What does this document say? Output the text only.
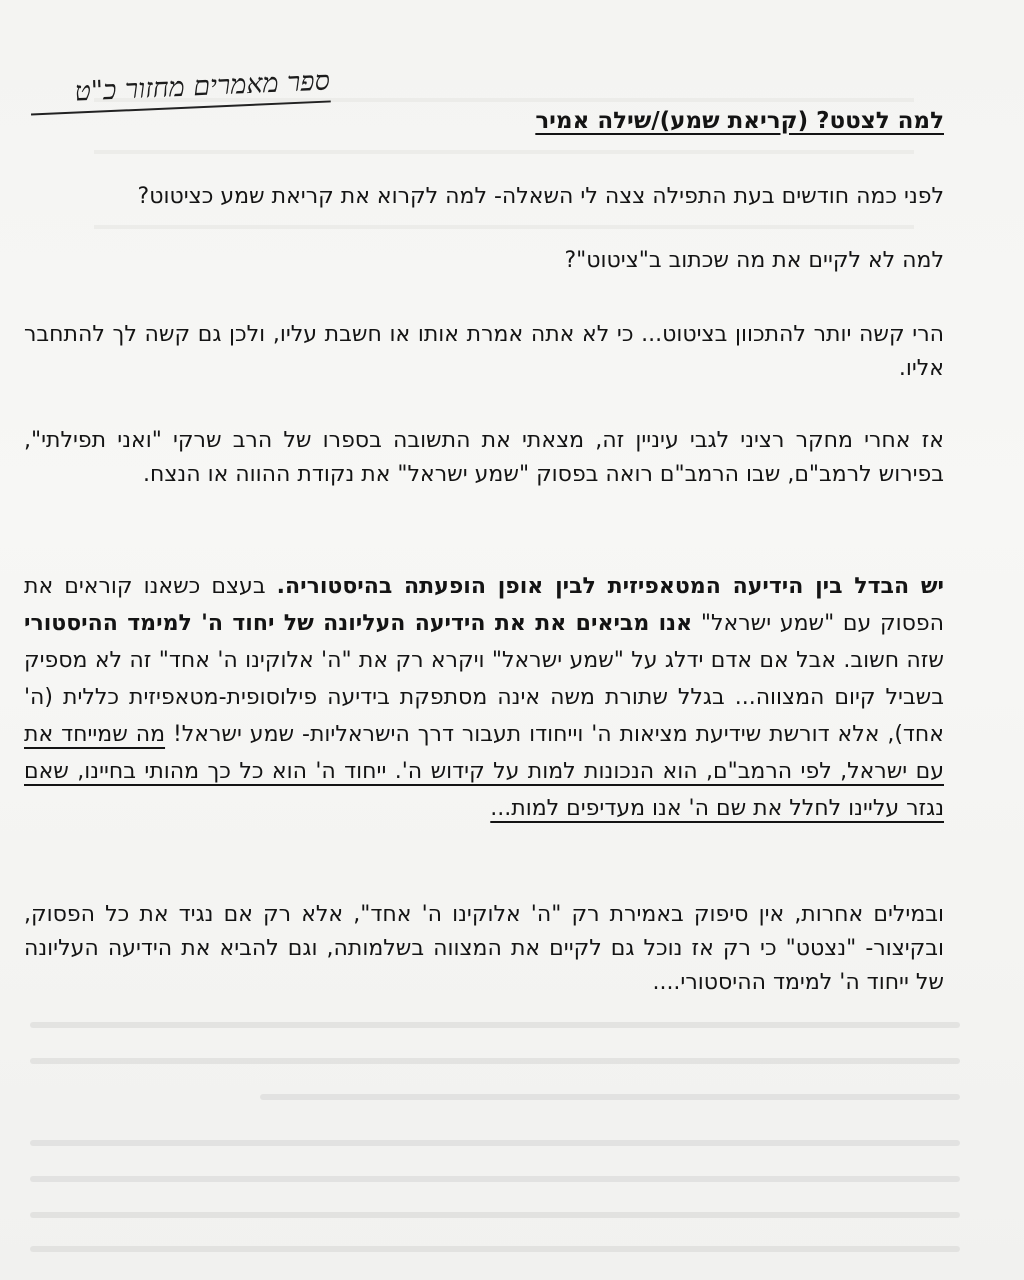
ספר מאמרים מחזור כ"ט
למה לצטט? (קריאת שמע)/שילה אמיר

לפני כמה חודשים בעת התפילה צצה לי השאלה- למה לקרוא את קריאת שמע כציטוט?

למה לא לקיים את מה שכתוב ב"ציטוט"?

הרי קשה יותר להתכוון בציטוט... כי לא אתה אמרת אותו או חשבת עליו, ולכן גם קשה לך להתחבר אליו.

אז אחרי מחקר רציני לגבי עיניין זה, מצאתי את התשובה בספרו של הרב שרקי "ואני תפילתי", בפירוש לרמב"ם, שבו הרמב"ם רואה בפסוק "שמע ישראל" את נקודת ההווה או הנצח.

יש הבדל בין הידיעה המטאפיזית לבין אופן הופעתה בהיסטוריה. בעצם כשאנו קוראים את הפסוק עם "שמע ישראל" אנו מביאים את את הידיעה העליונה של יחוד ה' למימד ההיסטורי שזה חשוב. אבל אם אדם ידלג על "שמע ישראל" ויקרא רק את "ה' אלוקינו ה' אחד" זה לא מספיק בשביל קיום המצווה... בגלל שתורת משה אינה מסתפקת בידיעה פילוסופית-מטאפיזית כללית (ה' אחד), אלא דורשת שידיעת מציאות ה' וייחודו תעבור דרך הישראליות- שמע ישראל! מה שמייחד את עם ישראל, לפי הרמב"ם, הוא הנכונות למות על קידוש ה'. ייחוד ה' הוא כל כך מהותי בחיינו, שאם נגזר עליינו לחלל את שם ה' אנו מעדיפים למות...

ובמילים אחרות, אין סיפוק באמירת רק "ה' אלוקינו ה' אחד", אלא רק אם נגיד את כל הפסוק, ובקיצור- "נצטט" כי רק אז נוכל גם לקיים את המצווה בשלמותה, וגם להביא את הידיעה העליונה של ייחוד ה' למימד ההיסטורי....
